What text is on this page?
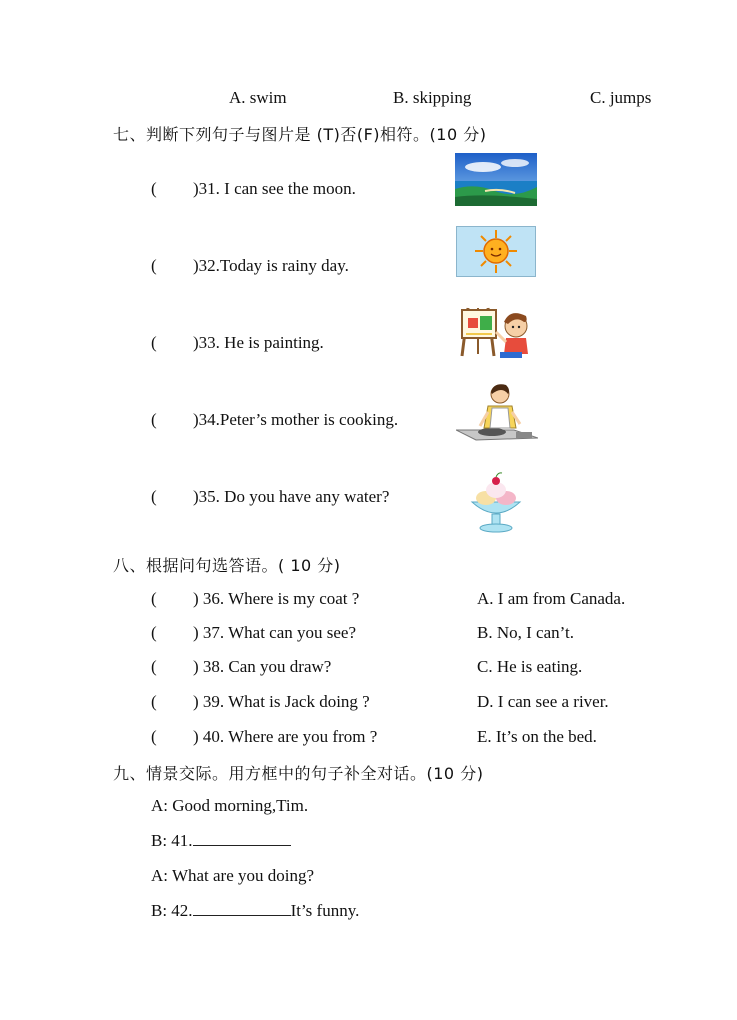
A. swim	B. skipping	C. jumps
七、判断下列句子与图片是 (T)否(F)相符。(10 分)
( )31. I can see the moon.
( )32.Today is rainy day.
( )33. He is painting.
( )34.Peter’s mother is cooking.
( )35. Do you have any water?
八、根据问句选答语。( 10 分)
( ) 36. Where is my coat ?	A. I am from Canada.
( ) 37. What can you see?	B. No, I can’t.
( ) 38. Can you draw?	C. He is eating.
( ) 39. What is Jack doing ?	D. I can see a river.
( ) 40. Where are you from ?	E. It’s on the bed.
九、情景交际。用方框中的句子补全对话。(10 分)
A: Good morning,Tim.
B: 41.
A: What are you doing?
B: 42.	It’s funny.
